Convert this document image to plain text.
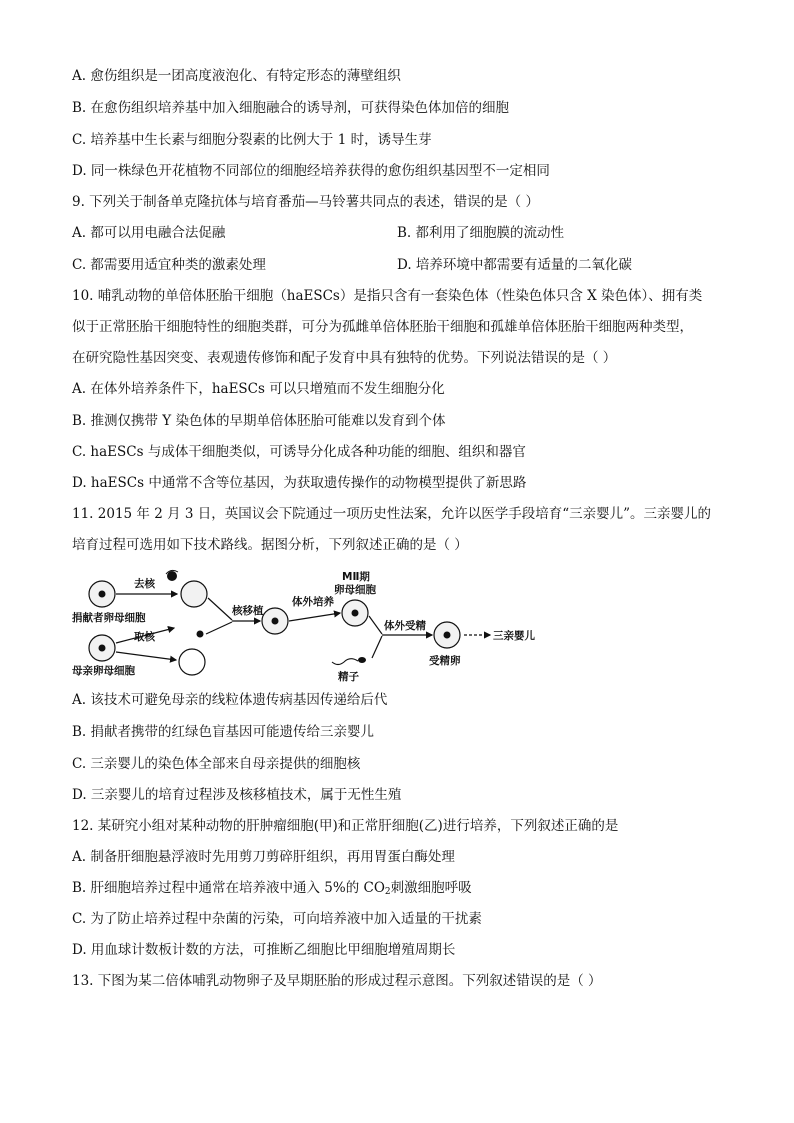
A. 愈伤组织是一团高度液泡化、有特定形态的薄壁组织
B. 在愈伤组织培养基中加入细胞融合的诱导剂，可获得染色体加倍的细胞
C. 培养基中生长素与细胞分裂素的比例大于 1 时，诱导生芽
D. 同一株绿色开花植物不同部位的细胞经培养获得的愈伤组织基因型不一定相同
9. 下列关于制备单克隆抗体与培育番茄—马铃薯共同点的表述，错误的是（ ）
A. 都可以用电融合法促融	B. 都利用了细胞膜的流动性
C. 都需要用适宜种类的激素处理	D. 培养环境中都需要有适量的二氧化碳
10. 哺乳动物的单倍体胚胎干细胞（haESCs）是指只含有一套染色体（性染色体只含 X 染色体）、拥有类
似于正常胚胎干细胞特性的细胞类群，可分为孤雌单倍体胚胎干细胞和孤雄单倍体胚胎干细胞两种类型，
在研究隐性基因突变、表观遗传修饰和配子发育中具有独特的优势。下列说法错误的是（ ）
A. 在体外培养条件下，haESCs 可以只增殖而不发生细胞分化
B. 推测仅携带 Y 染色体的早期单倍体胚胎可能难以发育到个体
C. haESCs 与成体干细胞类似，可诱导分化成各种功能的细胞、组织和器官
D. haESCs 中通常不含等位基因，为获取遗传操作的动物模型提供了新思路
11. 2015 年 2 月 3 日，英国议会下院通过一项历史性法案，允许以医学手段培育“三亲婴儿”。三亲婴儿的
培育过程可选用如下技术路线。据图分析，下列叙述正确的是（ ）
捐献者卵母细胞
去核
母亲卵母细胞
取核
核移植
体外培养
MⅡ期
卵母细胞
体外受精
精子
受精卵
三亲婴儿
A. 该技术可避免母亲的线粒体遗传病基因传递给后代
B. 捐献者携带的红绿色盲基因可能遗传给三亲婴儿
C. 三亲婴儿的染色体全部来自母亲提供的细胞核
D. 三亲婴儿的培育过程涉及核移植技术，属于无性生殖
12. 某研究小组对某种动物的肝肿瘤细胞(甲)和正常肝细胞(乙)进行培养，下列叙述正确的是
A. 制备肝细胞悬浮液时先用剪刀剪碎肝组织，再用胃蛋白酶处理
B. 肝细胞培养过程中通常在培养液中通入 5%的 $CO_2$刺激细胞呼吸
C. 为了防止培养过程中杂菌的污染，可向培养液中加入适量的干扰素
D. 用血球计数板计数的方法，可推断乙细胞比甲细胞增殖周期长
13. 下图为某二倍体哺乳动物卵子及早期胚胎的形成过程示意图。下列叙述错误的是（ ）
